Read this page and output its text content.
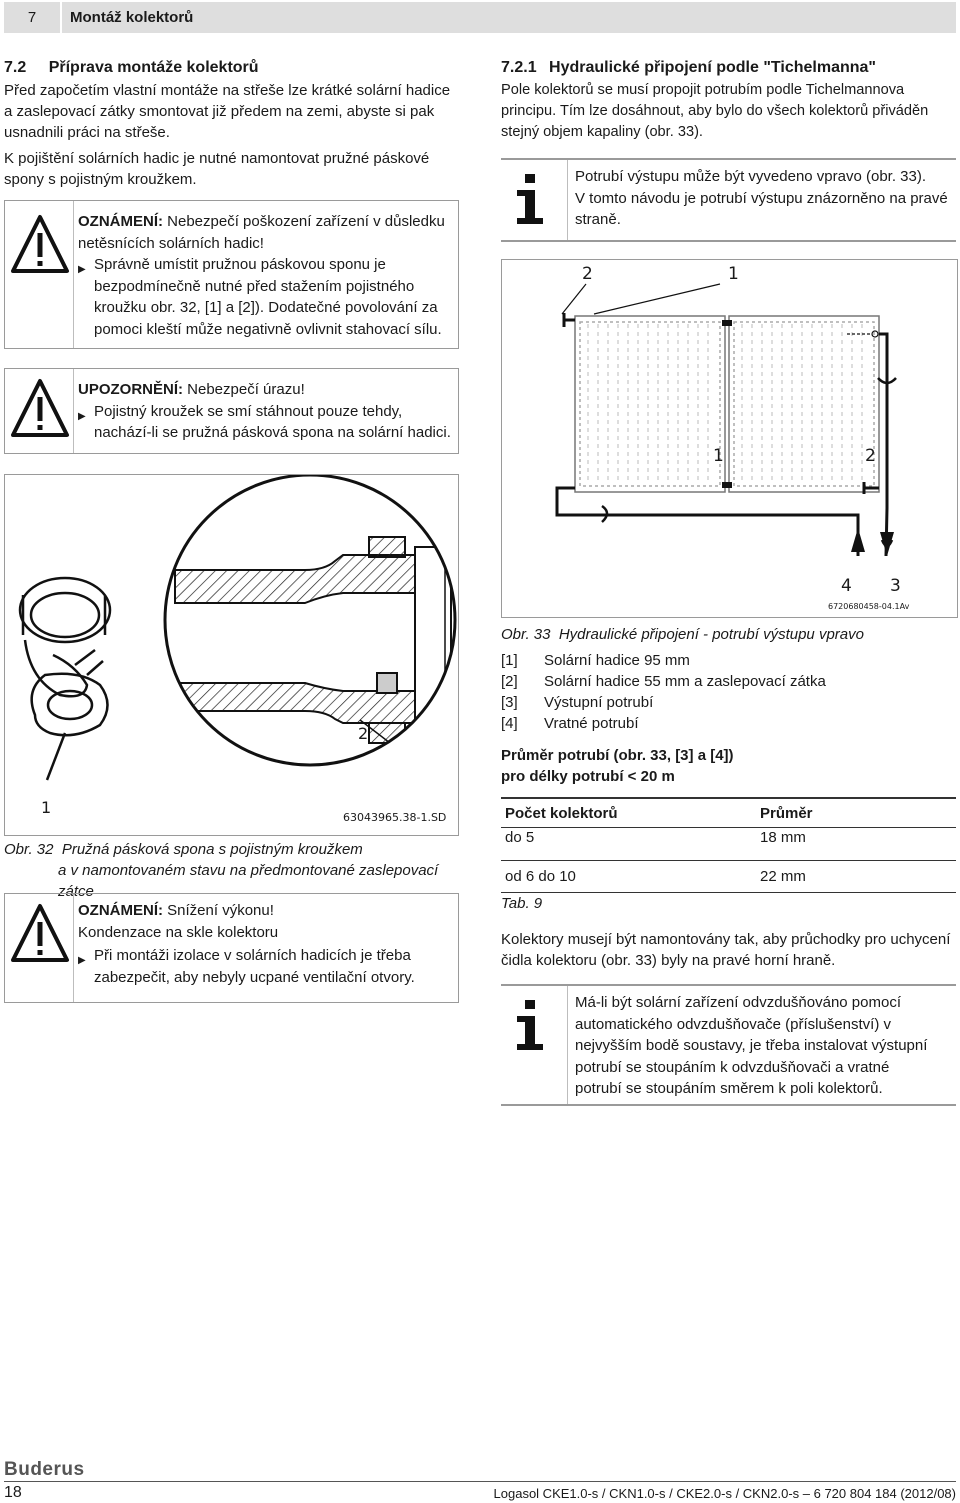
7	Montáž kolektorů
7.2 Příprava montáže kolektorů
Před započetím vlastní montáže na střeše lze krátké solární hadice a zaslepovací zátky smontovat již předem na zemi, abyste si pak usnadnili práci na střeše.
K pojištění solárních hadic je nutné namontovat pružné páskové spony s pojistným kroužkem.
OZNÁMENÍ: Nebezpečí poškození zařízení v důsledku netěsnících solárních hadic!
▶ Správně umístit pružnou páskovou sponu je bezpodmínečně nutné před stažením pojistného kroužku obr. 32, [1] a [2]). Dodatečné povolování za pomoci kleští může negativně ovlivnit stahovací sílu.
UPOZORNĚNÍ: Nebezpečí úrazu!
▶ Pojistný kroužek se smí stáhnout pouze tehdy, nachází-li se pružná pásková spona na solární hadici.
2
1
63043965.38-1.SD
Obr. 32 Pružná pásková spona s pojistným kroužkem
a v namontovaném stavu na předmontované zaslepovací zátce
OZNÁMENÍ: Snížení výkonu!
Kondenzace na skle kolektoru
▶ Při montáži izolace v solárních hadicích je třeba zabezpečit, aby nebyly ucpané ventilační otvory.
7.2.1 Hydraulické připojení podle "Tichelmanna"
Pole kolektorů se musí propojit potrubím podle Tichelmannova principu. Tím lze dosáhnout, aby bylo do všech kolektorů přiváděn stejný objem kapaliny (obr. 33).
Potrubí výstupu může být vyvedeno vpravo (obr. 33).
V tomto návodu je potrubí výstupu znázorněno na pravé straně.
2	1
1	2
4 3
6720680458-04.1Av
Obr. 33 Hydraulické připojení - potrubí výstupu vpravo
[1]	Solární hadice 95 mm
[2]	Solární hadice 55 mm a zaslepovací zátka
[3]	Výstupní potrubí
[4]	Vratné potrubí
Průměr potrubí (obr. 33, [3] a [4])
pro délky potrubí < 20 m
Počet kolektorů	Průměr
do 5	18 mm
od 6 do 10	22 mm
Tab. 9
Kolektory musejí být namontovány tak, aby průchodky pro uchycení čidla kolektoru (obr. 33) byly na pravé horní hraně.
Má-li být solární zařízení odvzdušňováno pomocí automatického odvzdušňovače (příslušenství) v nejvyšším bodě soustavy, je třeba instalovat výstupní potrubí se stoupáním k odvzdušňovači a vratné potrubí se stoupáním směrem k poli kolektorů.
Buderus
18	Logasol CKE1.0-s / CKN1.0-s / CKE2.0-s / CKN2.0-s – 6 720 804 184 (2012/08)
